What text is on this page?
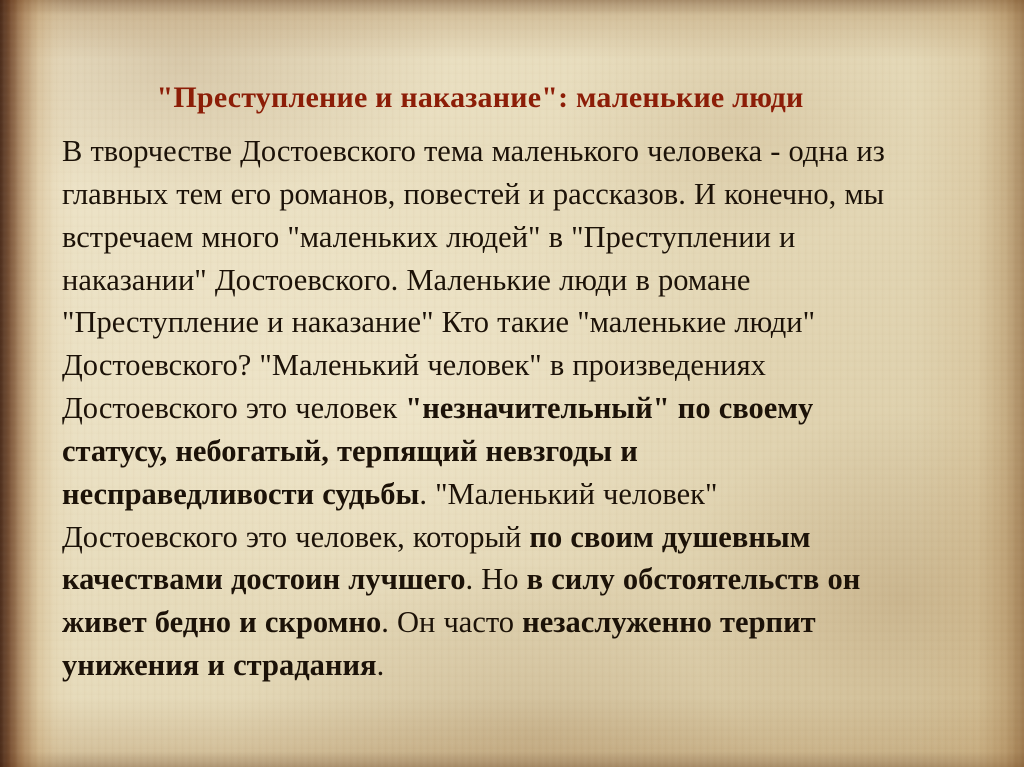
"Преступление и наказание": маленькие люди

В творчестве Достоевского тема маленького человека - одна из главных тем его романов, повестей и рассказов. И конечно, мы встречаем много "маленьких людей" в "Преступлении и наказании" Достоевского. Маленькие люди в романе "Преступление и наказание" Кто такие "маленькие люди" Достоевского? "Маленький человек" в произведениях Достоевского это человек "незначительный" по своему статусу, небогатый, терпящий невзгоды и несправедливости судьбы. "Маленький человек" Достоевского это человек, который по своим душевным качествами достоин лучшего. Но в силу обстоятельств он живет бедно и скромно. Он часто незаслуженно терпит унижения и страдания.
